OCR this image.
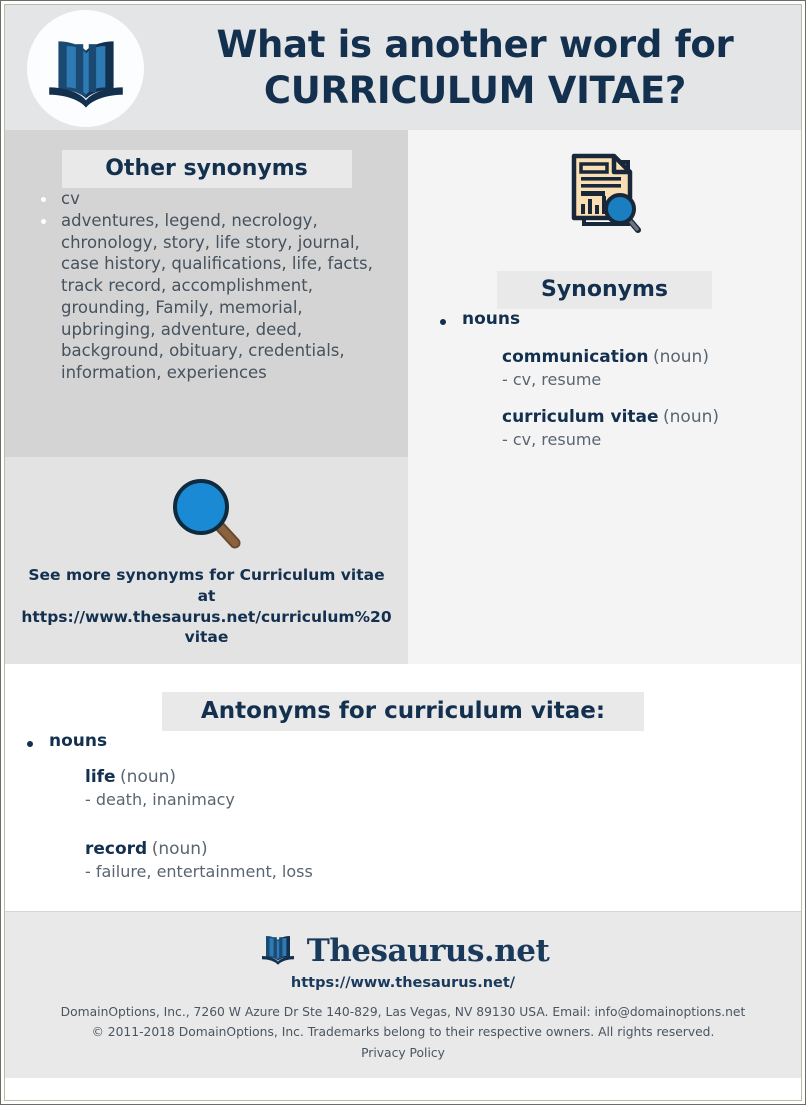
What is another word for
CURRICULUM VITAE?
Other synonyms
cv
adventures, legend, necrology, chronology, story, life story, journal, case history, qualifications, life, facts, track record, accomplishment, grounding, Family, memorial, upbringing, adventure, deed, background, obituary, credentials, information, experiences
See more synonyms for Curriculum vitae at https://www.thesaurus.net/curriculum%20vitae
Synonyms
nouns
communication (noun)
- cv, resume
curriculum vitae (noun)
- cv, resume
Antonyms for curriculum vitae:
nouns
life (noun)
- death, inanimacy
record (noun)
- failure, entertainment, loss
Thesaurus.net
https://www.thesaurus.net/
DomainOptions, Inc., 7260 W Azure Dr Ste 140-829, Las Vegas, NV 89130 USA. Email: info@domainoptions.net
© 2011-2018 DomainOptions, Inc. Trademarks belong to their respective owners. All rights reserved.
Privacy Policy
